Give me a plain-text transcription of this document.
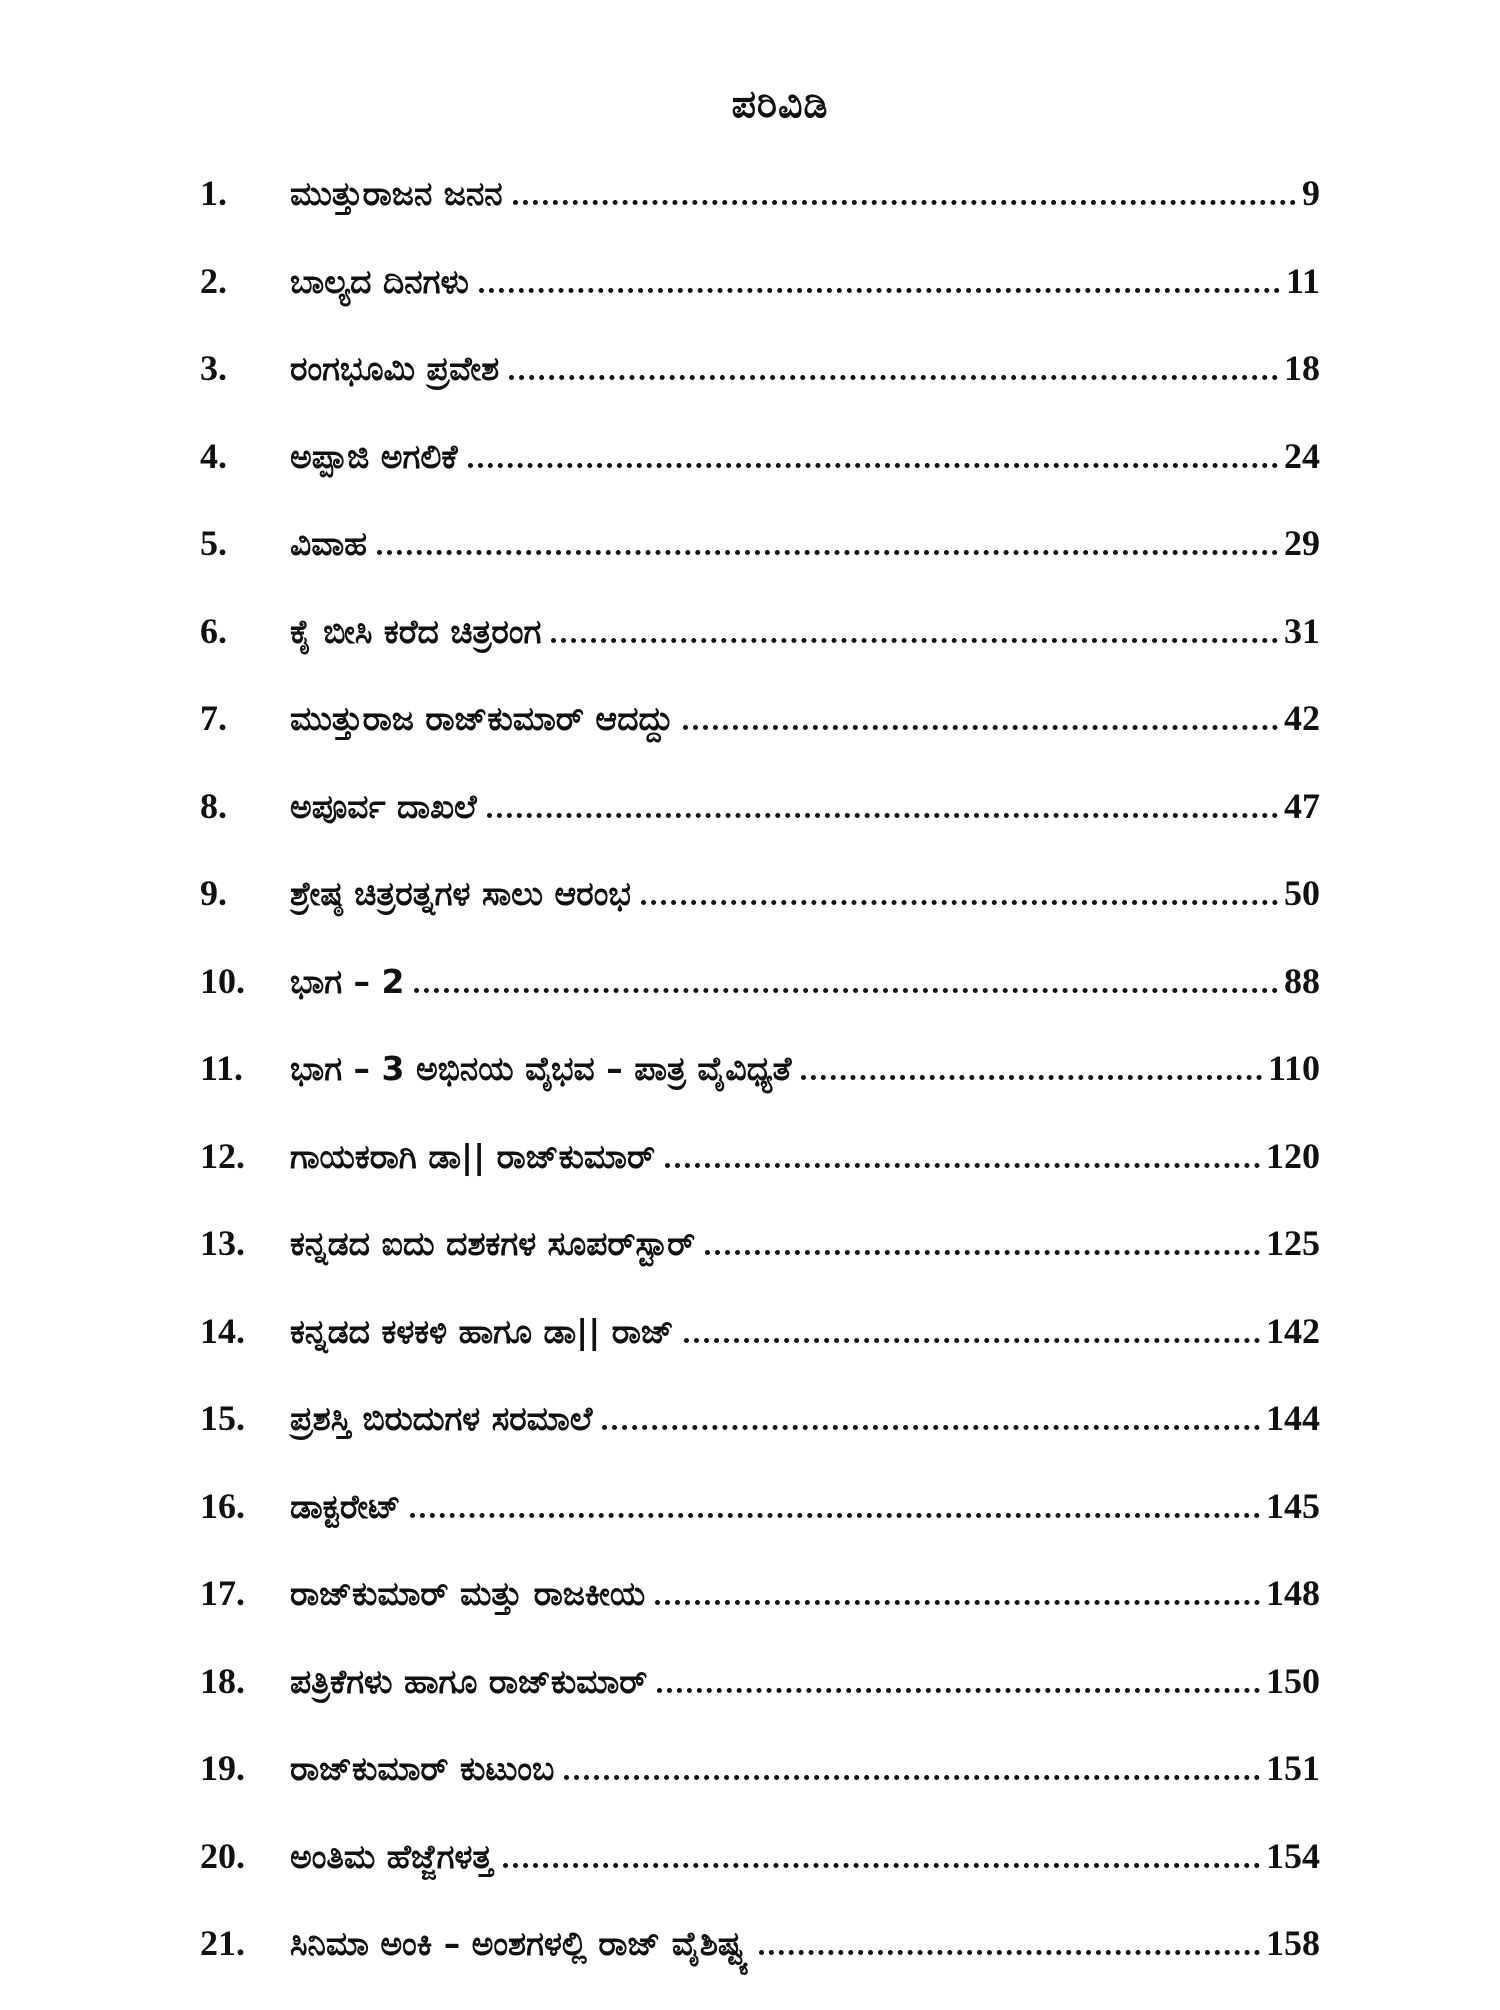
ಪರಿವಿಡಿ
1.	ಮುತ್ತುರಾಜನ ಜನನ	9
2.	ಬಾಲ್ಯದ ದಿನಗಳು	11
3.	ರಂಗಭೂಮಿ ಪ್ರವೇಶ	18
4.	ಅಪ್ಪಾಜಿ ಅಗಲಿಕೆ	24
5.	ವಿವಾಹ	29
6.	ಕೈ ಬೀಸಿ ಕರೆದ ಚಿತ್ರರಂಗ	31
7.	ಮುತ್ತುರಾಜ ರಾಜ್‌ಕುಮಾರ್ ಆದದ್ದು	42
8.	ಅಪೂರ್ವ ದಾಖಲೆ	47
9.	ಶ್ರೇಷ್ಠ ಚಿತ್ರರತ್ನಗಳ ಸಾಲು ಆರಂಭ	50
10.	ಭಾಗ – 2	88
11.	ಭಾಗ – 3 ಅಭಿನಯ ವೈಭವ – ಪಾತ್ರ ವೈವಿಧ್ಯತೆ	110
12.	ಗಾಯಕರಾಗಿ ಡಾ|| ರಾಜ್‌ಕುಮಾರ್	120
13.	ಕನ್ನಡದ ಐದು ದಶಕಗಳ ಸೂಪರ್‌ಸ್ಟಾರ್	125
14.	ಕನ್ನಡದ ಕಳಕಳಿ ಹಾಗೂ ಡಾ|| ರಾಜ್	142
15.	ಪ್ರಶಸ್ತಿ ಬಿರುದುಗಳ ಸರಮಾಲೆ	144
16.	ಡಾಕ್ಟರೇಟ್	145
17.	ರಾಜ್‌ಕುಮಾರ್ ಮತ್ತು ರಾಜಕೀಯ	148
18.	ಪತ್ರಿಕೆಗಳು ಹಾಗೂ ರಾಜ್‌ಕುಮಾರ್	150
19.	ರಾಜ್‌ಕುಮಾರ್ ಕುಟುಂಬ	151
20.	ಅಂತಿಮ ಹೆಜ್ಜೆಗಳತ್ತ	154
21.	ಸಿನಿಮಾ ಅಂಕಿ – ಅಂಶಗಳಲ್ಲಿ ರಾಜ್ ವೈಶಿಷ್ಟ್ಯ	158
